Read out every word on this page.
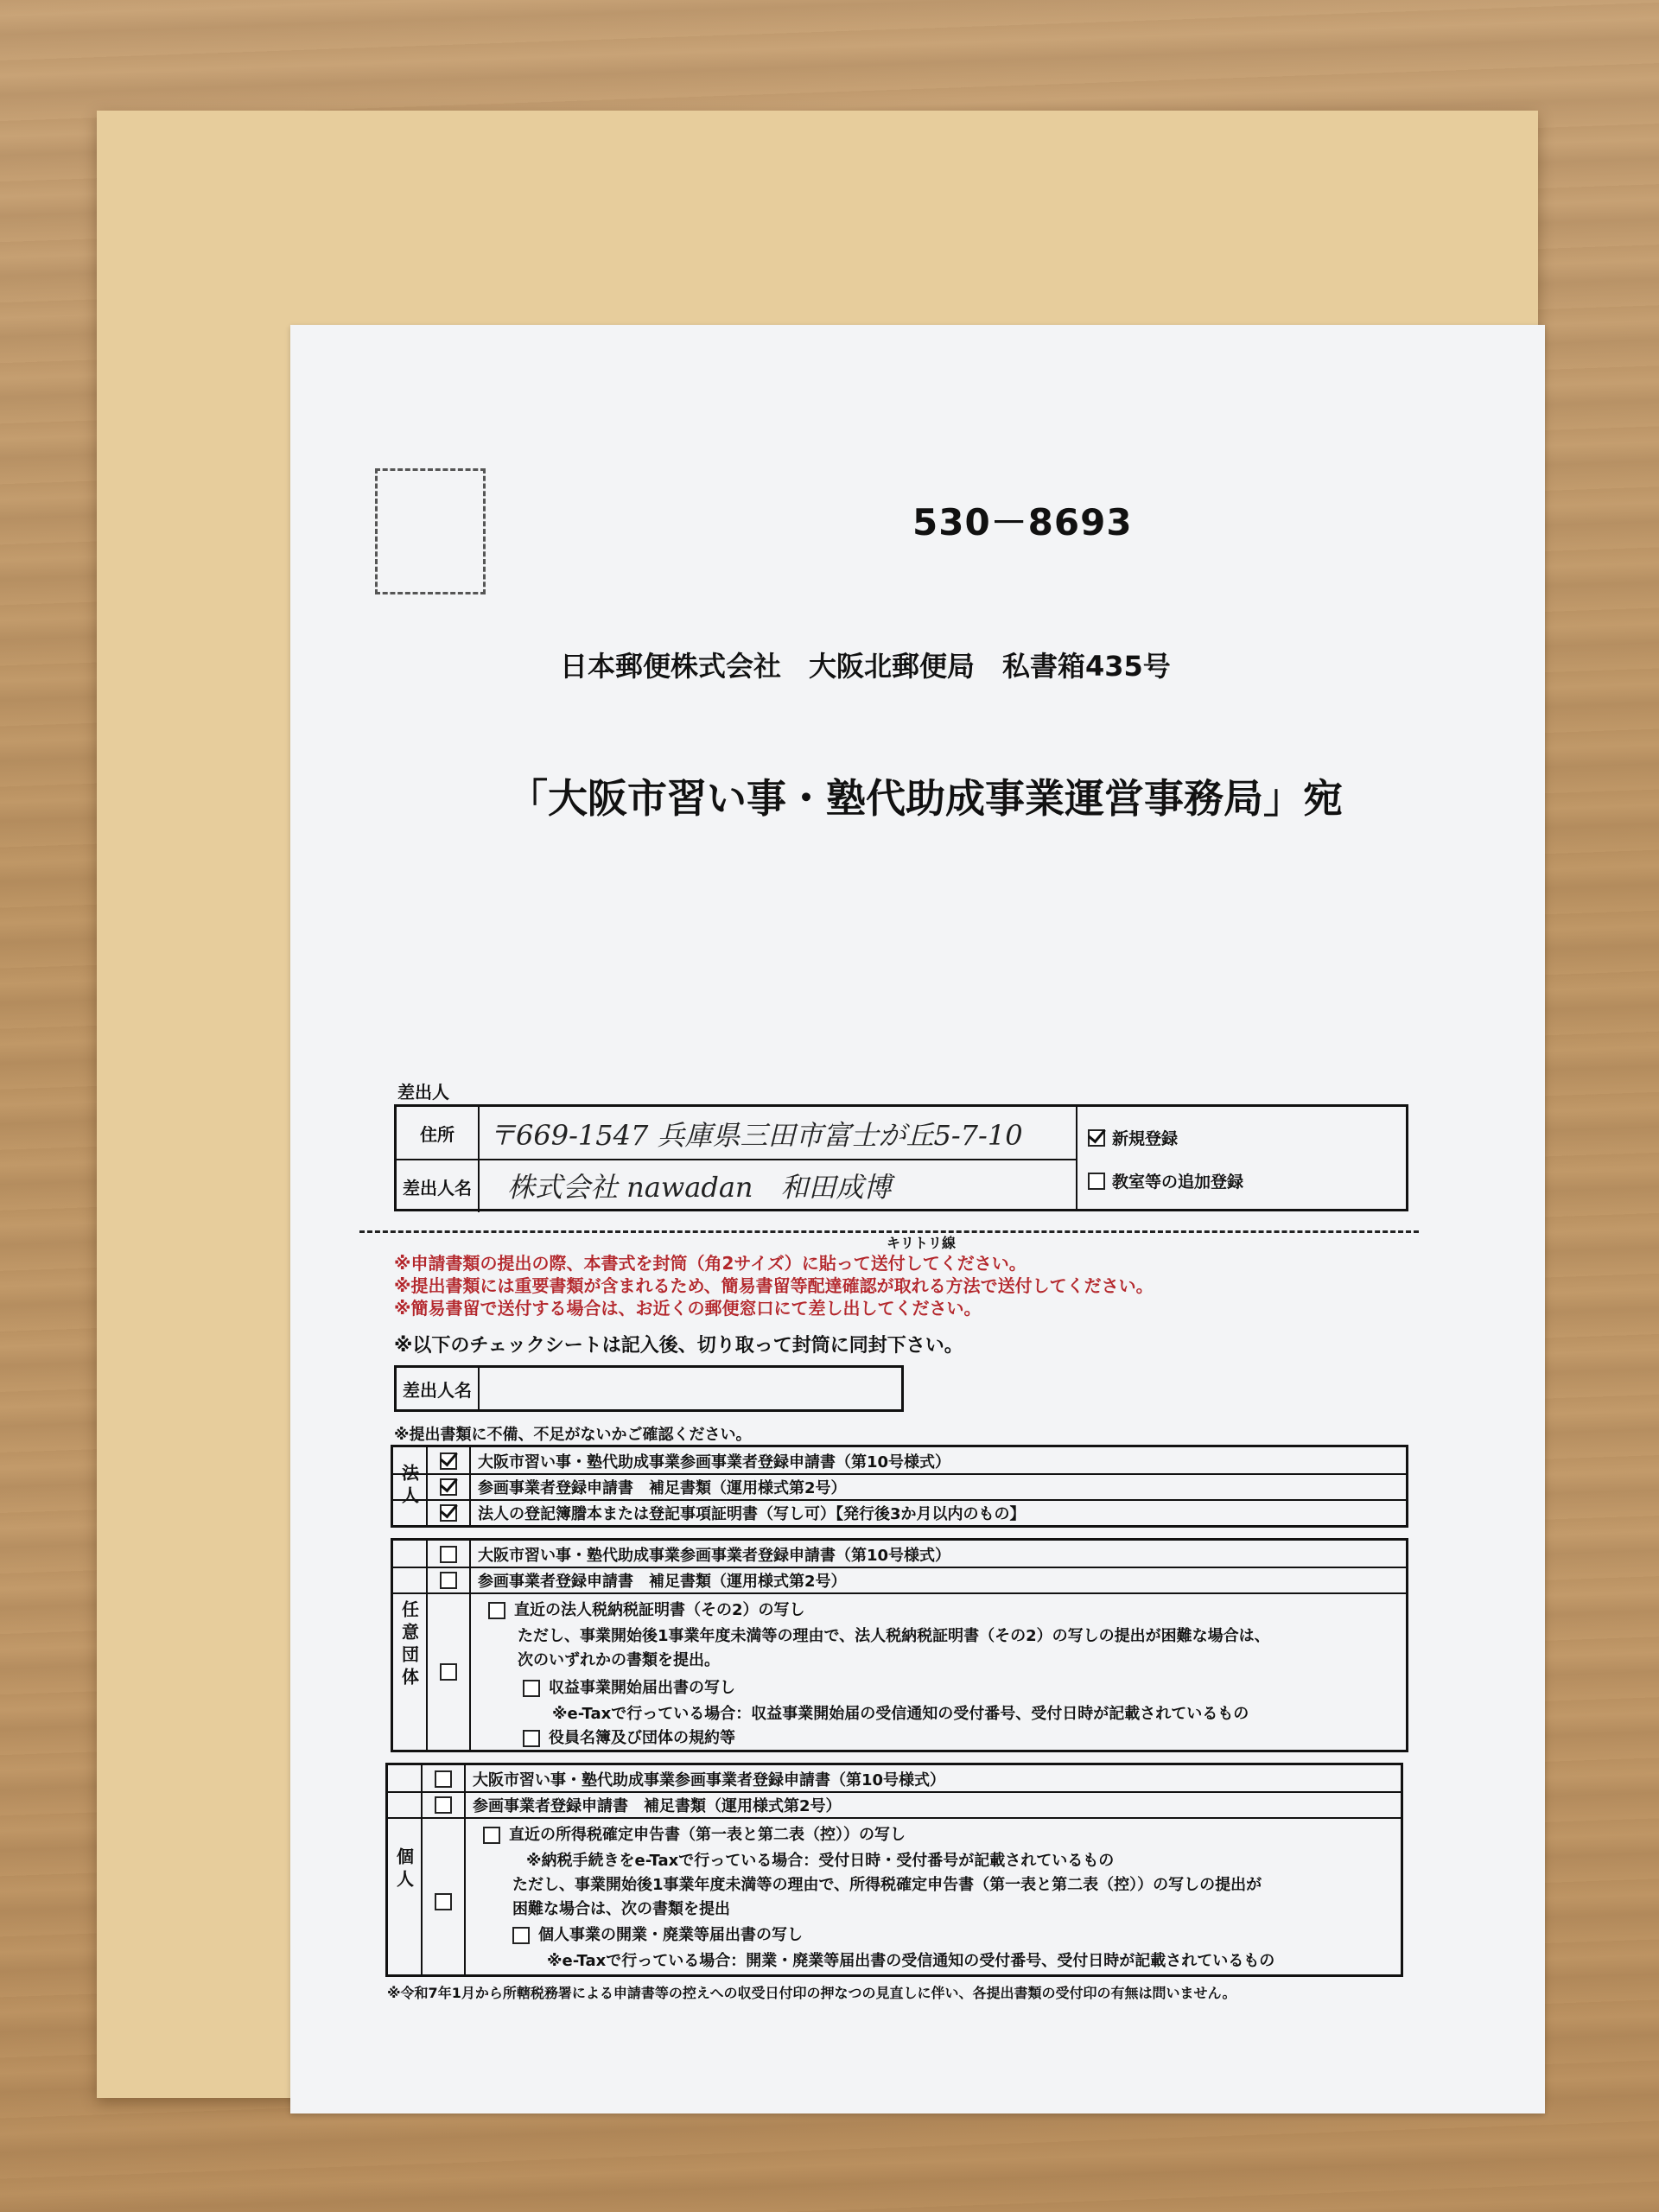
530－8693
日本郵便株式会社　大阪北郵便局　私書箱435号
「大阪市習い事・塾代助成事業運営事務局」宛
差出人
住所
差出人名
〒669-1547 兵庫県三田市富士が丘5-7-10
株式会社 nawadan　和田成博
新規登録
教室等の追加登録
キリトリ線
※申請書類の提出の際、本書式を封筒（角2サイズ）に貼って送付してください。
※提出書類には重要書類が含まれるため、簡易書留等配達確認が取れる方法で送付してください。
※簡易書留で送付する場合は、お近くの郵便窓口にて差し出してください。
※以下のチェックシートは記入後、切り取って封筒に同封下さい。
差出人名
※提出書類に不備、不足がないかご確認ください。
法人
大阪市習い事・塾代助成事業参画事業者登録申請書（第10号様式）
参画事業者登録申請書　補足書類（運用様式第2号）
法人の登記簿謄本または登記事項証明書（写し可）【発行後3か月以内のもの】
任意団体
大阪市習い事・塾代助成事業参画事業者登録申請書（第10号様式）
参画事業者登録申請書　補足書類（運用様式第2号）
直近の法人税納税証明書（その2）の写し
ただし、事業開始後1事業年度未満等の理由で、法人税納税証明書（その2）の写しの提出が困難な場合は、
次のいずれかの書類を提出。
収益事業開始届出書の写し
※e-Taxで行っている場合：収益事業開始届の受信通知の受付番号、受付日時が記載されているもの
役員名簿及び団体の規約等
個人
大阪市習い事・塾代助成事業参画事業者登録申請書（第10号様式）
参画事業者登録申請書　補足書類（運用様式第2号）
直近の所得税確定申告書（第一表と第二表（控））の写し
※納税手続きをe-Taxで行っている場合：受付日時・受付番号が記載されているもの
ただし、事業開始後1事業年度未満等の理由で、所得税確定申告書（第一表と第二表（控））の写しの提出が
困難な場合は、次の書類を提出
個人事業の開業・廃業等届出書の写し
※e-Taxで行っている場合：開業・廃業等届出書の受信通知の受付番号、受付日時が記載されているもの
※令和7年1月から所轄税務署による申請書等の控えへの収受日付印の押なつの見直しに伴い、各提出書類の受付印の有無は問いません。
